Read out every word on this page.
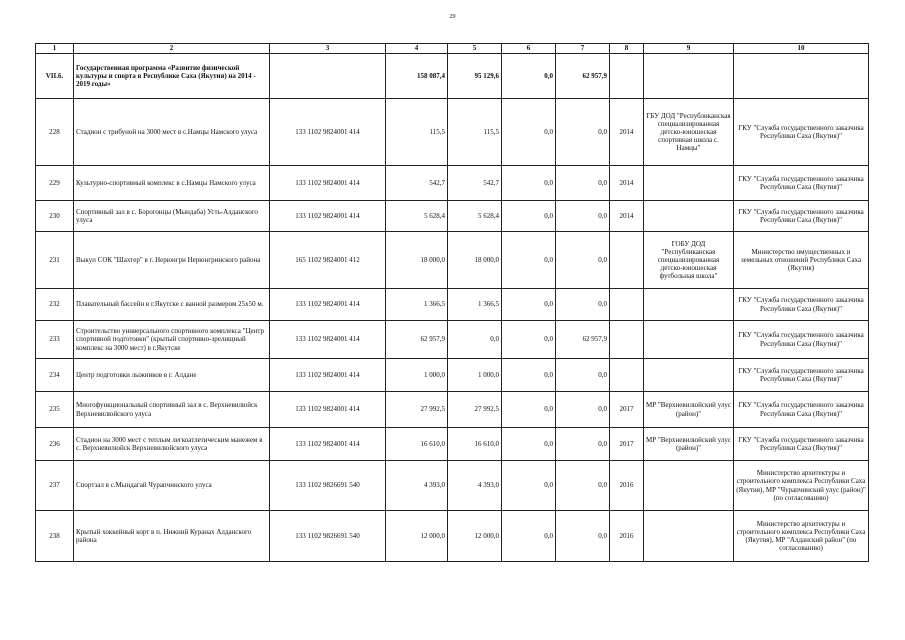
29
1	2	3	4	5	6	7	8	9	10
VII.6.	Государственная программа «Развитие физической культуры и спорта в Республике Саха (Якутия) на 2014 - 2019 годы»		158 087,4	95 129,6	0,0	62 957,9			
228	Стадион с трибуной на 3000 мест в с.Намцы Намского улуса	133 1102 9824001 414	115,5	115,5	0,0	0,0	2014	ГБУ ДОД "Республиканская специализированная детско-юношеская спортивная школа с. Намцы"	ГКУ "Служба государственного заказчика Республики Саха (Якутия)"
229	Культурно-спортивный комплекс в с.Намцы Намского улуса	133 1102 9824001 414	542,7	542,7	0,0	0,0	2014		ГКУ "Служба государственного заказчика Республики Саха (Якутия)"
230	Спортивный зал в с. Борогонцы (Мындаба) Усть-Алданского улуса	133 1102 9824001 414	5 628,4	5 628,4	0,0	0,0	2014		ГКУ "Служба государственного заказчика Республики Саха (Якутия)"
231	Выкуп СОК "Шахтер" в г. Нерюнгри Нерюнгринского района	165 1102 9824001 412	18 000,0	18 000,0	0,0	0,0		ГОБУ ДОД "Республиканская специализированная детско-юношеская футбольная школа"	Министерство имущественных и земельных отношений Республики Саха (Якутия)
232	Плавательный бассейн в г.Якутске с ванной размером 25х50 м.	133 1102 9824001 414	1 366,5	1 366,5	0,0	0,0			ГКУ "Служба государственного заказчика Республики Саха (Якутия)"
233	Строительство универсального спортивного комплекса "Центр спортивной подготовки" (крытый спортивно-зрелищный комплекс на 3000 мест) в г.Якутске	133 1102 9824001 414	62 957,9	0,0	0,0	62 957,9			ГКУ "Служба государственного заказчика Республики Саха (Якутия)"
234	Центр подготовки лыжников в г. Алдане	133 1102 9824001 414	1 000,0	1 000,0	0,0	0,0			ГКУ "Служба государственного заказчика Республики Саха (Якутия)"
235	Многофункциональный спортивный зал в с. Верхневилюйск Верхневилюйского улуса	133 1102 9824001 414	27 992,5	27 992,5	0,0	0,0	2017	МР "Верхневилюйский улус (район)"	ГКУ "Служба государственного заказчика Республики Саха (Якутия)"
236	Стадион на 3000 мест с теплым легкоатлетическим манежем в с. Верхневилюйск Верхневилюйского улуса	133 1102 9824001 414	16 610,0	16 610,0	0,0	0,0	2017	МР "Верхневилюйский улус (район)"	ГКУ "Служба государственного заказчика Республики Саха (Якутия)"
237	Спортзал в с.Мындагай Чурапчинского улуса	133 1102 9826691 540	4 393,0	4 393,0	0,0	0,0	2016		Министерство архитектуры и строительного комплекса Республики Саха (Якутия), МР "Чурапчинский улус (район)" (по согласованию)
238	Крытый хоккейный корт в п. Нижний Куранах Алданского района	133 1102 9826691 540	12 000,0	12 000,0	0,0	0,0	2016		Министерство архитектуры и строительного комплекса Республики Саха (Якутия), МР "Алданский район" (по согласованию)
